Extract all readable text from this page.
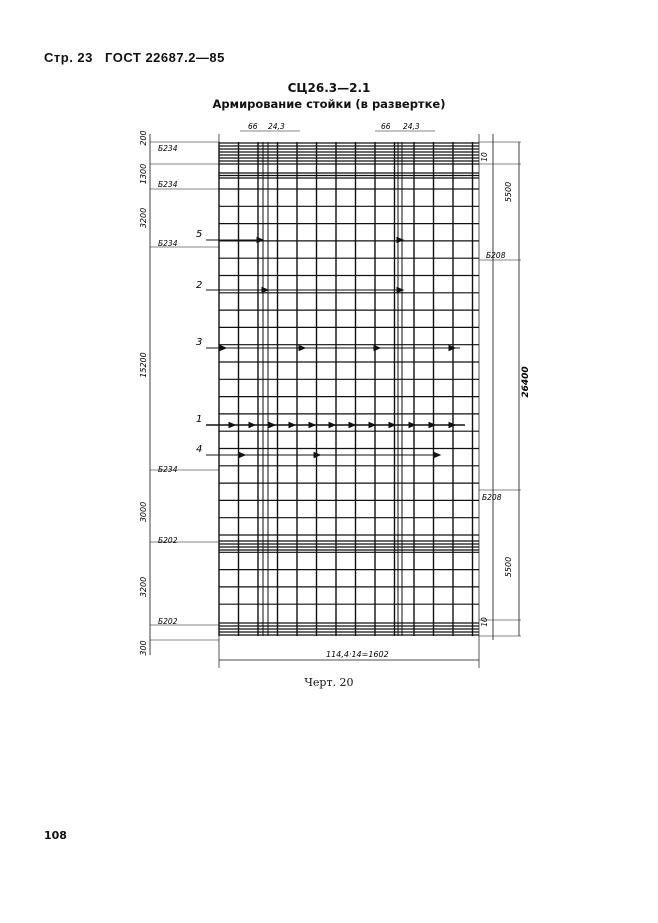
Стр. 23 ГОСТ 22687.2—85
СЦ26.3—2.1
Армирование стойки (в развертке)
200
1300
3200
15200
3000
3200
300
Б234
Б234
Б234
Б234
Б202
Б202
66 24,3	66 24,3
5
2
3
1
4
10
5500
10
5500
Б208
Б208
26400
114,4·14=1602
Черт. 20
108
